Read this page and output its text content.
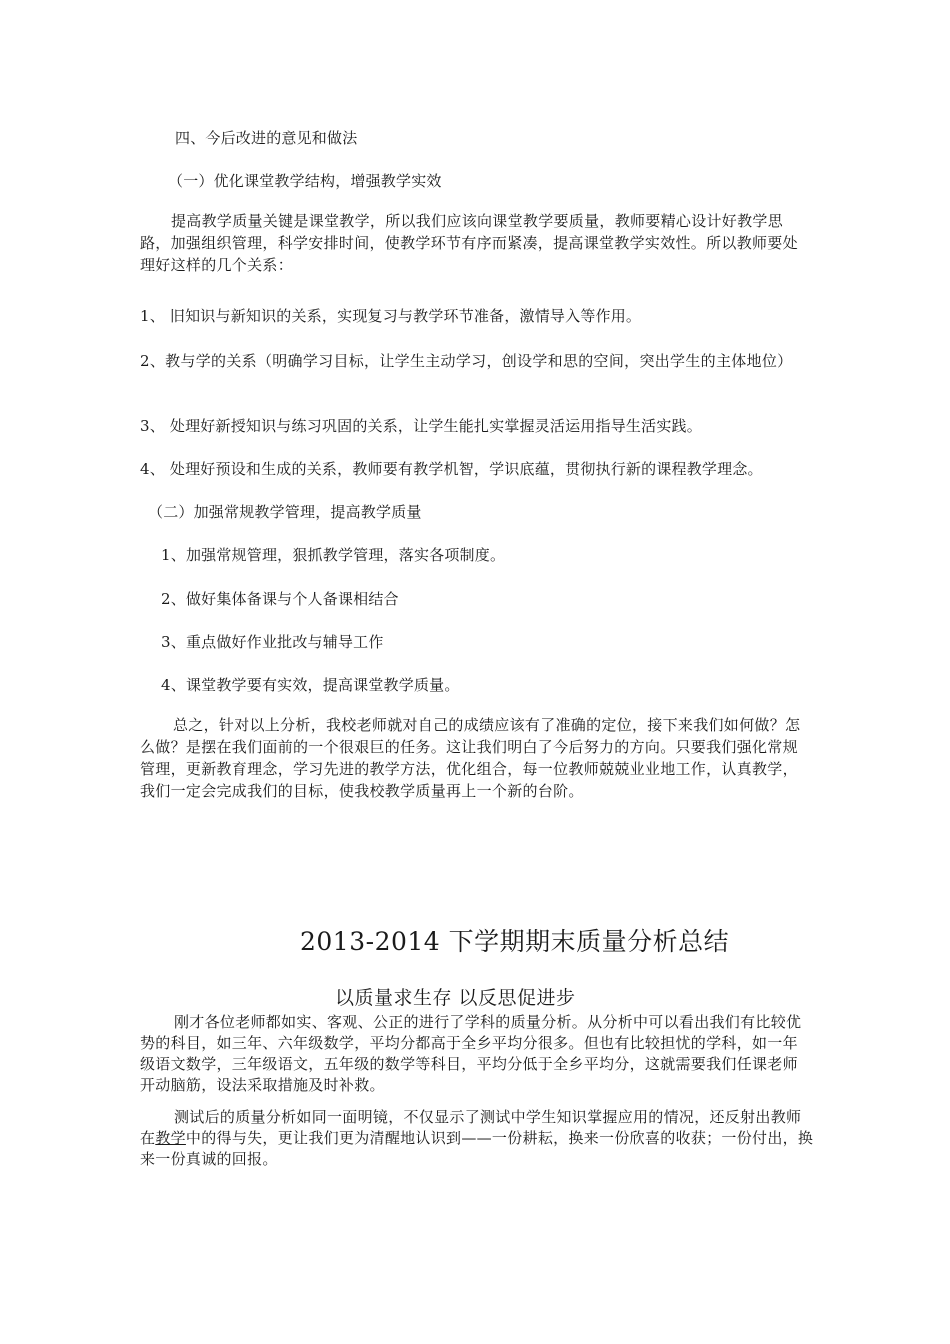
四、今后改进的意见和做法
（一）优化课堂教学结构，增强教学实效
提高教学质量关键是课堂教学，所以我们应该向课堂教学要质量，教师要精心设计好教学思路，加强组织管理，科学安排时间，使教学环节有序而紧凑，提高课堂教学实效性。所以教师要处理好这样的几个关系：
1、 旧知识与新知识的关系，实现复习与教学环节准备，激情导入等作用。
2、教与学的关系（明确学习目标，让学生主动学习，创设学和思的空间，突出学生的主体地位）
3、 处理好新授知识与练习巩固的关系，让学生能扎实掌握灵活运用指导生活实践。
4、 处理好预设和生成的关系，教师要有教学机智，学识底蕴，贯彻执行新的课程教学理念。
（二）加强常规教学管理，提高教学质量
1、加强常规管理，狠抓教学管理，落实各项制度。
2、做好集体备课与个人备课相结合
3、重点做好作业批改与辅导工作
4、课堂教学要有实效，提高课堂教学质量。
总之，针对以上分析，我校老师就对自己的成绩应该有了准确的定位，接下来我们如何做？怎么做？是摆在我们面前的一个很艰巨的任务。这让我们明白了今后努力的方向。只要我们强化常规管理，更新教育理念，学习先进的教学方法，优化组合，每一位教师兢兢业业地工作，认真教学，我们一定会完成我们的目标，使我校教学质量再上一个新的台阶。
2013-2014 下学期期末质量分析总结
以质量求生存 以反思促进步
刚才各位老师都如实、客观、公正的进行了学科的质量分析。从分析中可以看出我们有比较优势的科目，如三年、六年级数学，平均分都高于全乡平均分很多。但也有比较担忧的学科，如一年级语文数学，三年级语文，五年级的数学等科目，平均分低于全乡平均分，这就需要我们任课老师开动脑筋，设法采取措施及时补救。
测试后的质量分析如同一面明镜，不仅显示了测试中学生知识掌握应用的情况，还反射出教师在教学中的得与失，更让我们更为清醒地认识到——一份耕耘，换来一份欣喜的收获；一份付出，换来一份真诚的回报。
